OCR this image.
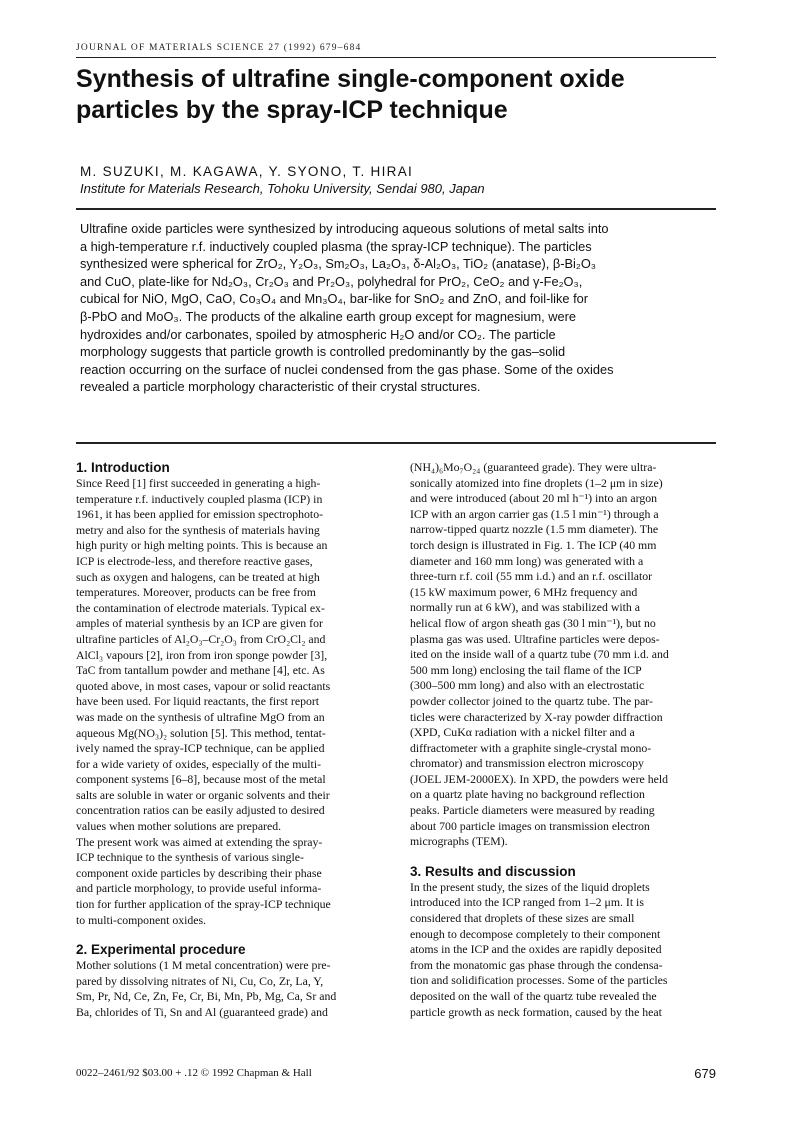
JOURNAL OF MATERIALS SCIENCE 27 (1992) 679–684
Synthesis of ultrafine single-component oxide particles by the spray-ICP technique
M. SUZUKI, M. KAGAWA, Y. SYONO, T. HIRAI
Institute for Materials Research, Tohoku University, Sendai 980, Japan
Ultrafine oxide particles were synthesized by introducing aqueous solutions of metal salts into
a high-temperature r.f. inductively coupled plasma (the spray-ICP technique). The particles
synthesized were spherical for ZrO₂, Y₂O₃, Sm₂O₃, La₂O₃, δ-Al₂O₃, TiO₂ (anatase), β-Bi₂O₃
and CuO, plate-like for Nd₂O₃, Cr₂O₃ and Pr₂O₃, polyhedral for PrO₂, CeO₂ and γ-Fe₂O₃,
cubical for NiO, MgO, CaO, Co₃O₄ and Mn₃O₄, bar-like for SnO₂ and ZnO, and foil-like for
β-PbO and MoO₃. The products of the alkaline earth group except for magnesium, were
hydroxides and/or carbonates, spoiled by atmospheric H₂O and/or CO₂. The particle
morphology suggests that particle growth is controlled predominantly by the gas–solid
reaction occurring on the surface of nuclei condensed from the gas phase. Some of the oxides
revealed a particle morphology characteristic of their crystal structures.
1. Introduction
Since Reed [1] first succeeded in generating a high-
temperature r.f. inductively coupled plasma (ICP) in
1961, it has been applied for emission spectrophoto-
metry and also for the synthesis of materials having
high purity or high melting points. This is because an
ICP is electrode-less, and therefore reactive gases,
such as oxygen and halogens, can be treated at high
temperatures. Moreover, products can be free from
the contamination of electrode materials. Typical ex-
amples of material synthesis by an ICP are given for
ultrafine particles of Al₂O₃–Cr₂O₃ from CrO₂Cl₂ and
AlCl₃ vapours [2], iron from iron sponge powder [3],
TaC from tantallum powder and methane [4], etc. As
quoted above, in most cases, vapour or solid reactants
have been used. For liquid reactants, the first report
was made on the synthesis of ultrafine MgO from an
aqueous Mg(NO₃)₂ solution [5]. This method, tentat-
ively named the spray-ICP technique, can be applied
for a wide variety of oxides, especially of the multi-
component systems [6–8], because most of the metal
salts are soluble in water or organic solvents and their
concentration ratios can be easily adjusted to desired
values when mother solutions are prepared.
The present work was aimed at extending the spray-
ICP technique to the synthesis of various single-
component oxide particles by describing their phase
and particle morphology, to provide useful informa-
tion for further application of the spray-ICP technique
to multi-component oxides.
2. Experimental procedure
Mother solutions (1 M metal concentration) were pre-
pared by dissolving nitrates of Ni, Cu, Co, Zr, La, Y,
Sm, Pr, Nd, Ce, Zn, Fe, Cr, Bi, Mn, Pb, Mg, Ca, Sr and
Ba, chlorides of Ti, Sn and Al (guaranteed grade) and
(NH₄)₆Mo₇O₂₄ (guaranteed grade). They were ultra-
sonically atomized into fine droplets (1–2 μm in size)
and were introduced (about 20 ml h⁻¹) into an argon
ICP with an argon carrier gas (1.5 l min⁻¹) through a
narrow-tipped quartz nozzle (1.5 mm diameter). The
torch design is illustrated in Fig. 1. The ICP (40 mm
diameter and 160 mm long) was generated with a
three-turn r.f. coil (55 mm i.d.) and an r.f. oscillator
(15 kW maximum power, 6 MHz frequency and
normally run at 6 kW), and was stabilized with a
helical flow of argon sheath gas (30 l min⁻¹), but no
plasma gas was used. Ultrafine particles were depos-
ited on the inside wall of a quartz tube (70 mm i.d. and
500 mm long) enclosing the tail flame of the ICP
(300–500 mm long) and also with an electrostatic
powder collector joined to the quartz tube. The par-
ticles were characterized by X-ray powder diffraction
(XPD, CuKα radiation with a nickel filter and a
diffractometer with a graphite single-crystal mono-
chromator) and transmission electron microscopy
(JOEL JEM-2000EX). In XPD, the powders were held
on a quartz plate having no background reflection
peaks. Particle diameters were measured by reading
about 700 particle images on transmission electron
micrographs (TEM).
3. Results and discussion
In the present study, the sizes of the liquid droplets
introduced into the ICP ranged from 1–2 μm. It is
considered that droplets of these sizes are small
enough to decompose completely to their component
atoms in the ICP and the oxides are rapidly deposited
from the monatomic gas phase through the condensa-
tion and solidification processes. Some of the particles
deposited on the wall of the quartz tube revealed the
particle growth as neck formation, caused by the heat
0022–2461/92 $03.00 + .12 © 1992 Chapman & Hall	679
